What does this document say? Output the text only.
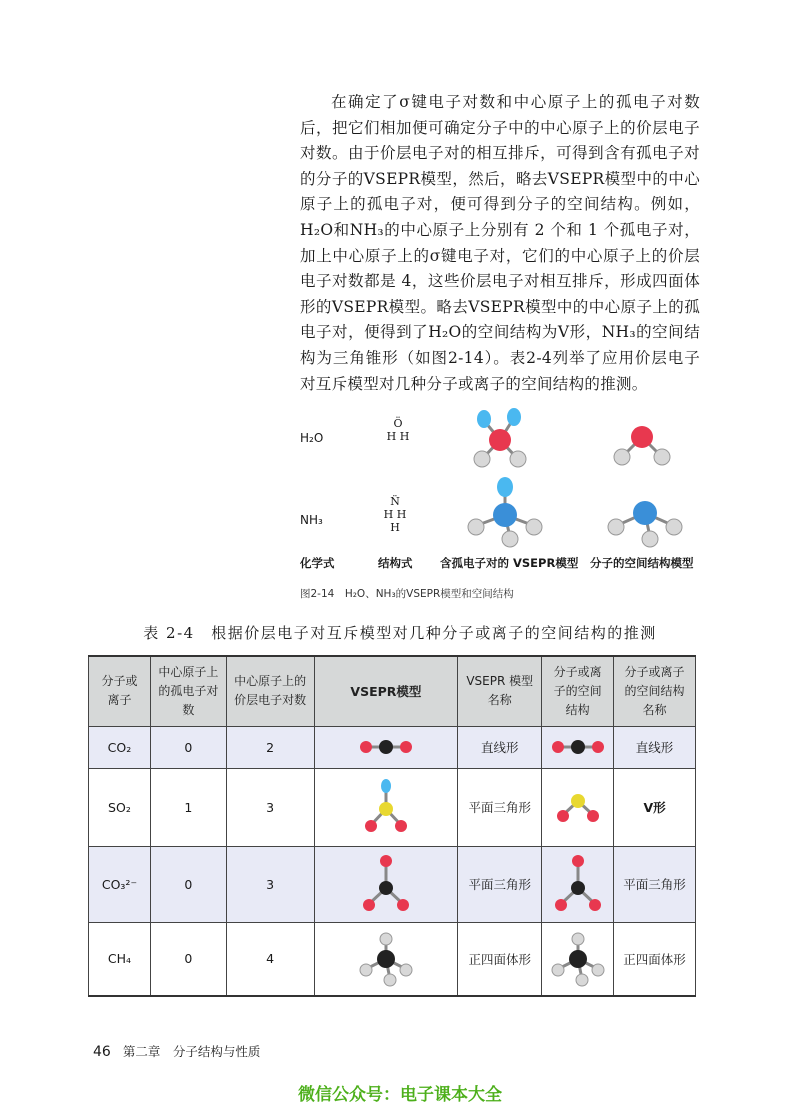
在确定了σ键电子对数和中心原子上的孤电子对数后，把它们相加便可确定分子中的中心原子上的价层电子对数。由于价层电子对的相互排斥，可得到含有孤电子对的分子的VSEPR模型，然后，略去VSEPR模型中的中心原子上的孤电子对，便可得到分子的空间结构。例如，H₂O和NH₃的中心原子上分别有 2 个和 1 个孤电子对，加上中心原子上的σ键电子对，它们的中心原子上的价层电子对数都是 4，这些价层电子对相互排斥，形成四面体形的VSEPR模型。略去VSEPR模型中的中心原子上的孤电子对，便得到了H₂O的空间结构为V形，NH₃的空间结构为三角锥形（如图2-14）。表2-4列举了应用价层电子对互斥模型对几种分子或离子的空间结构的推测。

H₂O
Ö
H H
NH₃
N̈
H H
H
化学式	结构式 含孤电子对的 VSEPR模型 分子的空间结构模型
图2-14　H₂O、NH₃的VSEPR模型和空间结构
表 2-4　根据价层电子对互斥模型对几种分子或离子的空间结构的推测
分子或离子	中心原子上的孤电子对数	中心原子上的价层电子对数	VSEPR模型	VSEPR 模型名称	分子或离子的空间结构	分子或离子的空间结构名称
CO₂	0	2		直线形		直线形
SO₂	1	3		平面三角形		V形
CO₃²⁻	0	3		平面三角形		平面三角形
CH₄	0	4		正四面体形		正四面体形
46 第二章　分子结构与性质
微信公众号：电子课本大全
